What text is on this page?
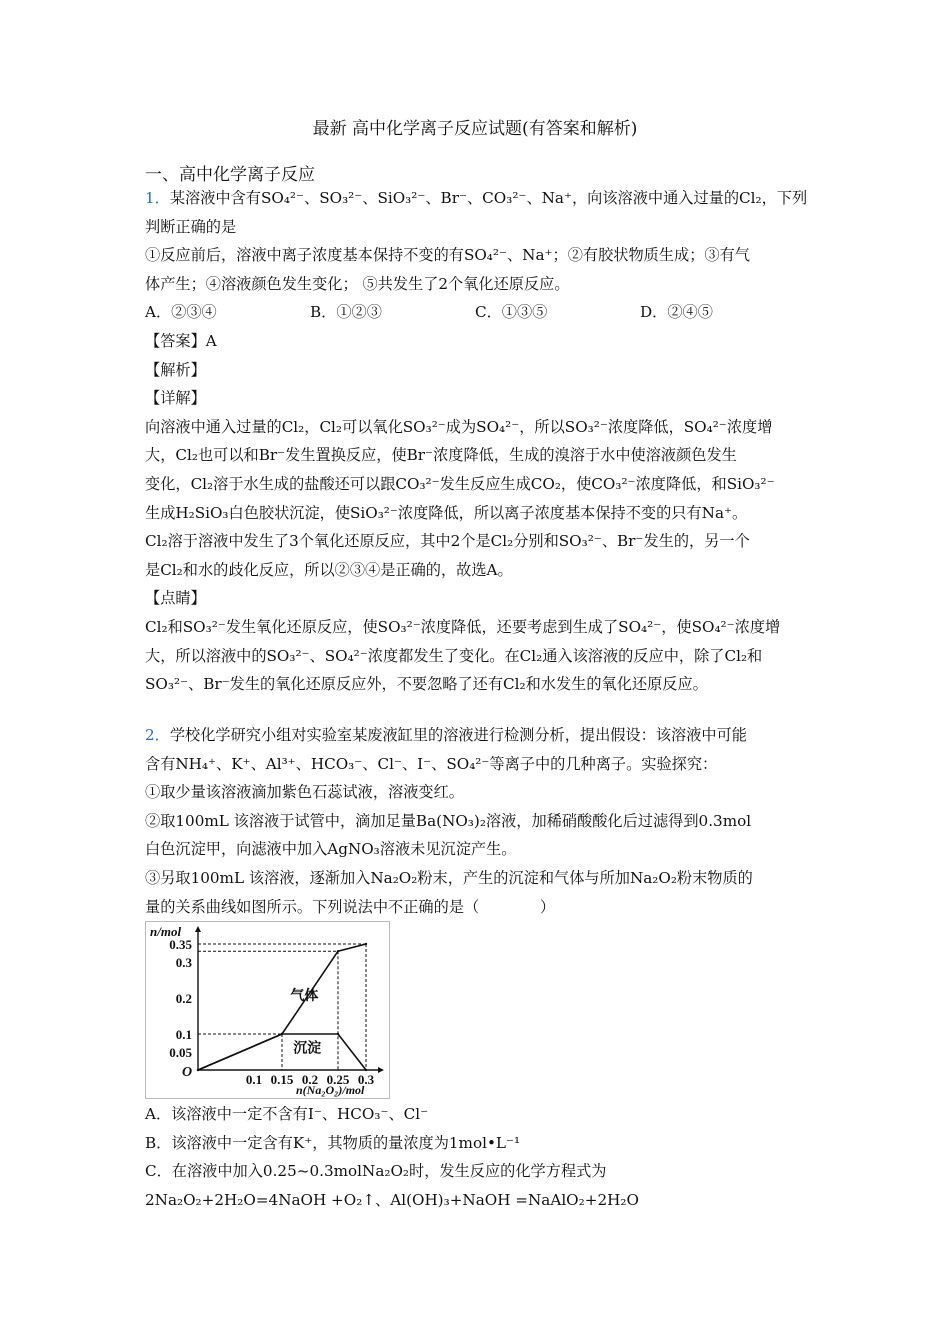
最新 高中化学离子反应试题(有答案和解析)
一、高中化学离子反应

1．某溶液中含有SO₄²⁻、SO₃²⁻、SiO₃²⁻、Br⁻、CO₃²⁻、Na⁺，向该溶液中通入过量的Cl₂，下列

判断正确的是

①反应前后，溶液中离子浓度基本保持不变的有SO₄²⁻、Na⁺；②有胶状物质生成；③有气

体产生；④溶液颜色发生变化； ⑤共发生了2个氧化还原反应。

A．②③④	B．①②③	C．①③⑤	D．②④⑤

【答案】A

【解析】

【详解】

向溶液中通入过量的Cl₂，Cl₂可以氧化SO₃²⁻成为SO₄²⁻，所以SO₃²⁻浓度降低，SO₄²⁻浓度增

大，Cl₂也可以和Br⁻发生置换反应，使Br⁻浓度降低，生成的溴溶于水中使溶液颜色发生

变化，Cl₂溶于水生成的盐酸还可以跟CO₃²⁻发生反应生成CO₂，使CO₃²⁻浓度降低，和SiO₃²⁻

生成H₂SiO₃白色胶状沉淀，使SiO₃²⁻浓度降低，所以离子浓度基本保持不变的只有Na⁺。

Cl₂溶于溶液中发生了3个氧化还原反应，其中2个是Cl₂分别和SO₃²⁻、Br⁻发生的，另一个

是Cl₂和水的歧化反应，所以②③④是正确的，故选A。

【点睛】

Cl₂和SO₃²⁻发生氧化还原反应，使SO₃²⁻浓度降低，还要考虑到生成了SO₄²⁻，使SO₄²⁻浓度增

大，所以溶液中的SO₃²⁻、SO₄²⁻浓度都发生了变化。在Cl₂通入该溶液的反应中，除了Cl₂和

SO₃²⁻、Br⁻发生的氧化还原反应外，不要忽略了还有Cl₂和水发生的氧化还原反应。

2．学校化学研究小组对实验室某废液缸里的溶液进行检测分析，提出假设：该溶液中可能

含有NH₄⁺、K⁺、Al³⁺、HCO₃⁻、Cl⁻、I⁻、SO₄²⁻等离子中的几种离子。实验探究：

①取少量该溶液滴加紫色石蕊试液，溶液变红。

②取100mL 该溶液于试管中，滴加足量Ba(NO₃)₂溶液，加稀硝酸酸化后过滤得到0.3mol

白色沉淀甲，向滤液中加入AgNO₃溶液未见沉淀产生。

③另取100mL 该溶液，逐渐加入Na₂O₂粉末，产生的沉淀和气体与所加Na₂O₂粉末物质的

量的关系曲线如图所示。下列说法中不正确的是（　　　　）

n/mol
n(Na₂O₂)/mol
O
0.05
0.1
0.2
0.3
0.35
0.1 0.15 0.2 0.25 0.3
气体
沉淀

A．该溶液中一定不含有I⁻、HCO₃⁻、Cl⁻

B．该溶液中一定含有K⁺，其物质的量浓度为1mol•L⁻¹

C．在溶液中加入0.25~0.3molNa₂O₂时，发生反应的化学方程式为

2Na₂O₂+2H₂O=4NaOH +O₂↑、Al(OH)₃+NaOH =NaAlO₂+2H₂O
